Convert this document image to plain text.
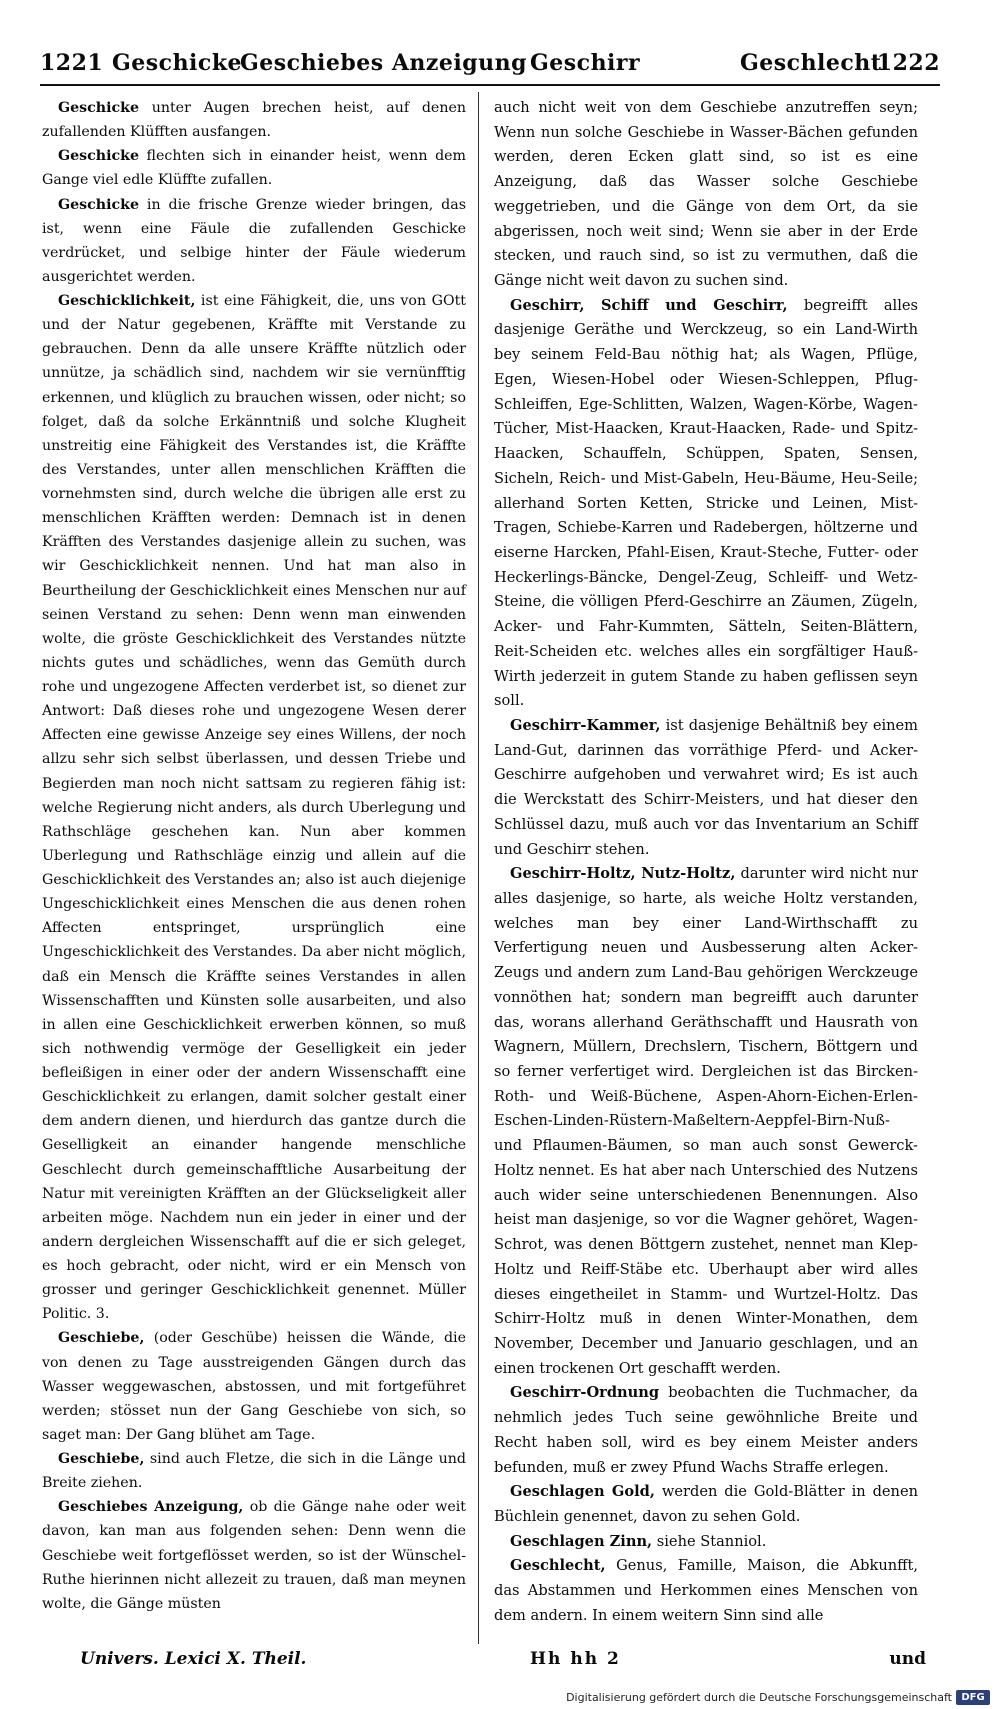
1221 Geschicke
Geschiebes Anzeigung Geschirr	Geschlecht
1222

Geschicke unter Augen brechen heist, auf denen zufallenden Klüfften ausfangen.

Geschicke flechten sich in einander heist, wenn dem Gange viel edle Klüffte zufallen.

Geschicke in die frische Grenze wieder bringen, das ist, wenn eine Fäule die zufallenden Geschicke verdrücket, und selbige hinter der Fäule wiederum ausgerichtet werden.

Geschicklichkeit, ist eine Fähigkeit, die, uns von GOtt und der Natur gegebenen, Kräffte mit Verstande zu gebrauchen. Denn da alle unsere Kräffte nützlich oder unnütze, ja schädlich sind, nachdem wir sie vernünfftig erkennen, und klüglich zu brauchen wissen, oder nicht; so folget, daß da solche Erkänntniß und solche Klugheit unstreitig eine Fähigkeit des Verstandes ist, die Kräffte des Verstandes, unter allen menschlichen Kräfften die vornehmsten sind, durch welche die übrigen alle erst zu menschlichen Kräfften werden: Demnach ist in denen Kräfften des Verstandes dasjenige allein zu suchen, was wir Geschicklichkeit nennen. Und hat man also in Beurtheilung der Geschicklichkeit eines Menschen nur auf seinen Verstand zu sehen: Denn wenn man einwenden wolte, die gröste Geschicklichkeit des Verstandes nützte nichts gutes und schädliches, wenn das Gemüth durch rohe und ungezogene Affecten verderbet ist, so dienet zur Antwort: Daß dieses rohe und ungezogene Wesen derer Affecten eine gewisse Anzeige sey eines Willens, der noch allzu sehr sich selbst überlassen, und dessen Triebe und Begierden man noch nicht sattsam zu regieren fähig ist: welche Regierung nicht anders, als durch Uberlegung und Rathschläge geschehen kan. Nun aber kommen Uberlegung und Rathschläge einzig und allein auf die Geschicklichkeit des Verstandes an; also ist auch diejenige Ungeschicklichkeit eines Menschen die aus denen rohen Affecten entspringet, ursprünglich eine Ungeschicklichkeit des Verstandes. Da aber nicht möglich, daß ein Mensch die Kräffte seines Verstandes in allen Wissenschafften und Künsten solle ausarbeiten, und also in allen eine Geschicklichkeit erwerben können, so muß sich nothwendig vermöge der Geselligkeit ein jeder befleißigen in einer oder der andern Wissenschafft eine Geschicklichkeit zu erlangen, damit solcher gestalt einer dem andern dienen, und hierdurch das gantze durch die Geselligkeit an einander hangende menschliche Geschlecht durch gemeinschafftliche Ausarbeitung der Natur mit vereinigten Kräfften an der Glückseligkeit aller arbeiten möge. Nachdem nun ein jeder in einer und der andern dergleichen Wissenschafft auf die er sich geleget, es hoch gebracht, oder nicht, wird er ein Mensch von grosser und geringer Geschicklichkeit genennet. Müller Politic. 3.

Geschiebe, (oder Geschübe) heissen die Wände, die von denen zu Tage ausstreigenden Gängen durch das Wasser weggewaschen, abstossen, und mit fortgeführet werden; stösset nun der Gang Geschiebe von sich, so saget man: Der Gang blühet am Tage.

Geschiebe, sind auch Fletze, die sich in die Länge und Breite ziehen.

Geschiebes Anzeigung, ob die Gänge nahe oder weit davon, kan man aus folgenden sehen: Denn wenn die Geschiebe weit fortgeflösset werden, so ist der Wünschel-Ruthe hierinnen nicht allezeit zu trauen, daß man meynen wolte, die Gänge müsten

auch nicht weit von dem Geschiebe anzutreffen seyn; Wenn nun solche Geschiebe in Wasser-Bächen gefunden werden, deren Ecken glatt sind, so ist es eine Anzeigung, daß das Wasser solche Geschiebe weggetrieben, und die Gänge von dem Ort, da sie abgerissen, noch weit sind; Wenn sie aber in der Erde stecken, und rauch sind, so ist zu vermuthen, daß die Gänge nicht weit davon zu suchen sind.

Geschirr, Schiff und Geschirr, begreifft alles dasjenige Geräthe und Werckzeug, so ein Land-Wirth bey seinem Feld-Bau nöthig hat; als Wagen, Pflüge, Egen, Wiesen-Hobel oder Wiesen-Schleppen, Pflug-Schleiffen, Ege-Schlitten, Walzen, Wagen-Körbe, Wagen-Tücher, Mist-Haacken, Kraut-Haacken, Rade- und Spitz-Haacken, Schauffeln, Schüppen, Spaten, Sensen, Sicheln, Reich- und Mist-Gabeln, Heu-Bäume, Heu-Seile; allerhand Sorten Ketten, Stricke und Leinen, Mist-Tragen, Schiebe-Karren und Radebergen, höltzerne und eiserne Harcken, Pfahl-Eisen, Kraut-Steche, Futter- oder Heckerlings-Bäncke, Dengel-Zeug, Schleiff- und Wetz-Steine, die völligen Pferd-Geschirre an Zäumen, Zügeln, Acker- und Fahr-Kummten, Sätteln, Seiten-Blättern, Reit-Scheiden etc. welches alles ein sorgfältiger Hauß-Wirth jederzeit in gutem Stande zu haben geflissen seyn soll.

Geschirr-Kammer, ist dasjenige Behältniß bey einem Land-Gut, darinnen das vorräthige Pferd- und Acker-Geschirre aufgehoben und verwahret wird; Es ist auch die Werckstatt des Schirr-Meisters, und hat dieser den Schlüssel dazu, muß auch vor das Inventarium an Schiff und Geschirr stehen.

Geschirr-Holtz, Nutz-Holtz, darunter wird nicht nur alles dasjenige, so harte, als weiche Holtz verstanden, welches man bey einer Land-Wirthschafft zu Verfertigung neuen und Ausbesserung alten Acker-Zeugs und andern zum Land-Bau gehörigen Werckzeuge vonnöthen hat; sondern man begreifft auch darunter das, worans allerhand Geräthschafft und Hausrath von Wagnern, Müllern, Drechslern, Tischern, Böttgern und so ferner verfertiget wird. Dergleichen ist das Bircken-Roth- und Weiß-Büchene, Aspen-Ahorn-Eichen-Erlen-Eschen-Linden-Rüstern-Maßeltern-Aeppfel-Birn-Nuß- und Pflaumen-Bäumen, so man auch sonst Gewerck-Holtz nennet. Es hat aber nach Unterschied des Nutzens auch wider seine unterschiedenen Benennungen. Also heist man dasjenige, so vor die Wagner gehöret, Wagen-Schrot, was denen Böttgern zustehet, nennet man Klep-Holtz und Reiff-Stäbe etc. Uberhaupt aber wird alles dieses eingetheilet in Stamm- und Wurtzel-Holtz. Das Schirr-Holtz muß in denen Winter-Monathen, dem November, December und Januario geschlagen, und an einen trockenen Ort geschafft werden.

Geschirr-Ordnung beobachten die Tuchmacher, da nehmlich jedes Tuch seine gewöhnliche Breite und Recht haben soll, wird es bey einem Meister anders befunden, muß er zwey Pfund Wachs Straffe erlegen.

Geschlagen Gold, werden die Gold-Blätter in denen Büchlein genennet, davon zu sehen Gold.

Geschlagen Zinn, siehe Stanniol.

Geschlecht, Genus, Famille, Maison, die Abkunfft, das Abstammen und Herkommen eines Menschen von dem andern. In einem weitern Sinn sind alle

Univers. Lexici X. Theil.	Hh hh 2	und
Digitalisierung gefördert durch die Deutsche Forschungsgemeinschaft DFG
